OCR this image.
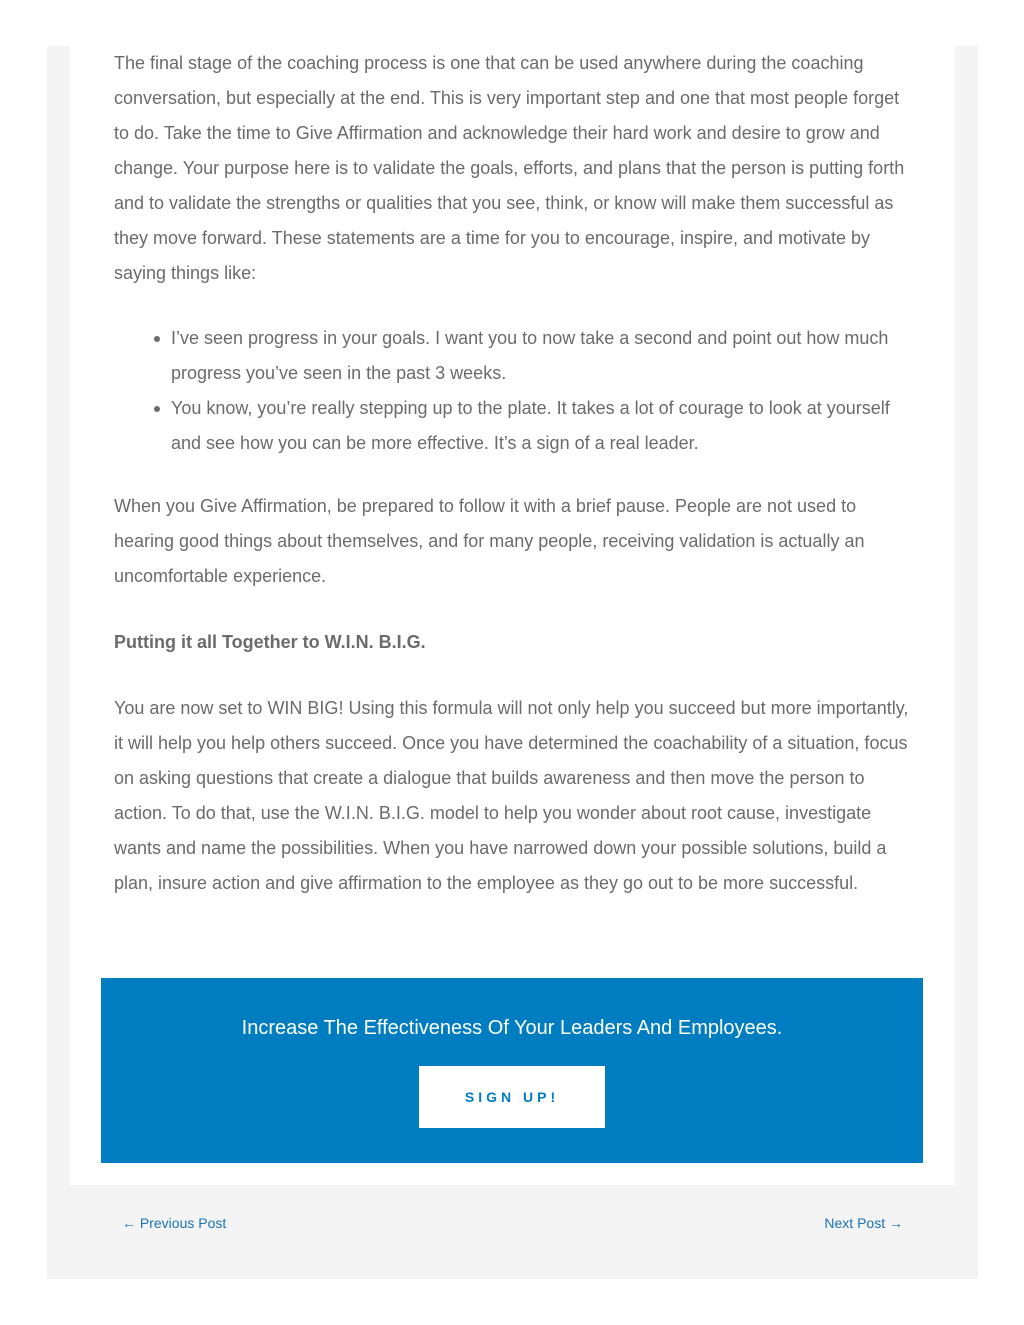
The final stage of the coaching process is one that can be used anywhere during the coaching conversation, but especially at the end. This is very important step and one that most people forget to do. Take the time to Give Affirmation and acknowledge their hard work and desire to grow and change. Your purpose here is to validate the goals, efforts, and plans that the person is putting forth and to validate the strengths or qualities that you see, think, or know will make them successful as they move forward. These statements are a time for you to encourage, inspire, and motivate by saying things like:

I’ve seen progress in your goals. I want you to now take a second and point out how much progress you’ve seen in the past 3 weeks.
You know, you’re really stepping up to the plate. It takes a lot of courage to look at yourself and see how you can be more effective. It’s a sign of a real leader.

When you Give Affirmation, be prepared to follow it with a brief pause. People are not used to hearing good things about themselves, and for many people, receiving validation is actually an uncomfortable experience.

Putting it all Together to W.I.N. B.I.G.

You are now set to WIN BIG! Using this formula will not only help you succeed but more importantly, it will help you help others succeed. Once you have determined the coachability of a situation, focus on asking questions that create a dialogue that builds awareness and then move the person to action. To do that, use the W.I.N. B.I.G. model to help you wonder about root cause, investigate wants and name the possibilities. When you have narrowed down your possible solutions, build a plan, insure action and give affirmation to the employee as they go out to be more successful.

Increase The Effectiveness Of Your Leaders And Employees.
SIGN UP!
← Previous Post	Next Post →
